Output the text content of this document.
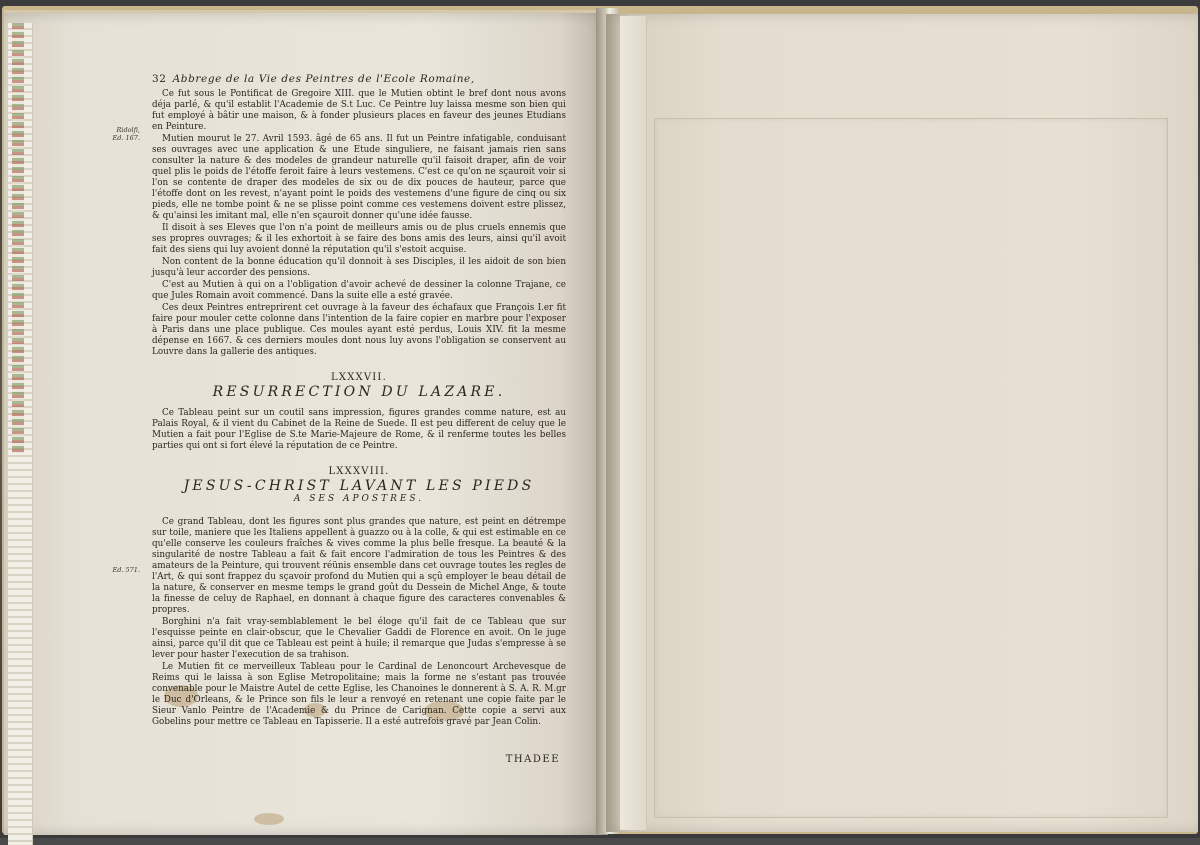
Ridolfi, Ed. 167.
Ed. 571.
32 Abbrege de la Vie des Peintres de l'Ecole Romaine,

Ce fut sous le Pontificat de Gregoire XIII. que le Mutien obtint le bref dont nous avons déja parlé, & qu'il establit l'Academie de S.t Luc. Ce Peintre luy laissa mesme son bien qui fut employé à bâtir une maison, & à fonder plusieurs places en faveur des jeunes Etudians en Peinture.

Mutien mourut le 27. Avril 1593. âgé de 65 ans. Il fut un Peintre infatigable, conduisant ses ouvrages avec une application & une Etude singuliere, ne faisant jamais rien sans consulter la nature & des modeles de grandeur naturelle qu'il faisoit draper, afin de voir quel plis le poids de l'étoffe feroit faire à leurs vestemens. C'est ce qu'on ne sçauroit voir si l'on se contente de draper des modeles de six ou de dix pouces de hauteur, parce que l'étoffe dont on les revest, n'ayant point le poids des vestemens d'une figure de cinq ou six pieds, elle ne tombe point & ne se plisse point comme ces vestemens doivent estre plissez, & qu'ainsi les imitant mal, elle n'en sçauroit donner qu'une idée fausse.

Il disoit à ses Eleves que l'on n'a point de meilleurs amis ou de plus cruels ennemis que ses propres ouvrages; & il les exhortoit à se faire des bons amis des leurs, ainsi qu'il avoit fait des siens qui luy avoient donné la réputation qu'il s'estoit acquise.

Non content de la bonne éducation qu'il donnoit à ses Disciples, il les aidoit de son bien jusqu'à leur accorder des pensions.

C'est au Mutien à qui on a l'obligation d'avoir achevé de dessiner la colonne Trajane, ce que Jules Romain avoit commencé. Dans la suite elle a esté gravée.

Ces deux Peintres entreprirent cet ouvrage à la faveur des échafaux que François I.er fit faire pour mouler cette colonne dans l'intention de la faire copier en marbre pour l'exposer à Paris dans une place publique. Ces moules ayant esté perdus, Louis XIV. fit la mesme dépense en 1667. & ces derniers moules dont nous luy avons l'obligation se conservent au Louvre dans la gallerie des antiques.

LXXXVII.
RESURRECTION DU LAZARE.

Ce Tableau peint sur un coutil sans impression, figures grandes comme nature, est au Palais Royal, & il vient du Cabinet de la Reine de Suede. Il est peu different de celuy que le Mutien a fait pour l'Eglise de S.te Marie-Majeure de Rome, & il renferme toutes les belles parties qui ont si fort élevé la réputation de ce Peintre.

LXXXVIII.
JESUS-CHRIST LAVANT LES PIEDS
A SES APOSTRES.

Ce grand Tableau, dont les figures sont plus grandes que nature, est peint en détrempe sur toile, maniere que les Italiens appellent à guazzo ou à la colle, & qui est estimable en ce qu'elle conserve les couleurs fraîches & vives comme la plus belle fresque. La beauté & la singularité de nostre Tableau a fait & fait encore l'admiration de tous les Peintres & des amateurs de la Peinture, qui trouvent réünis ensemble dans cet ouvrage toutes les regles de l'Art, & qui sont frappez du sçavoir profond du Mutien qui a sçû employer le beau détail de la nature, & conserver en mesme temps le grand goût du Dessein de Michel Ange, & toute la finesse de celuy de Raphael, en donnant à chaque figure des caracteres convenables & propres.

Borghini n'a fait vray-semblablement le bel éloge qu'il fait de ce Tableau que sur l'esquisse peinte en clair-obscur, que le Chevalier Gaddi de Florence en avoit. On le juge ainsi, parce qu'il dit que ce Tableau est peint à huile; il remarque que Judas s'empresse à se lever pour haster l'execution de sa trahison.

Le Mutien fit ce merveilleux Tableau pour le Cardinal de Lenoncourt Archevesque de Reims qui le laissa à son Eglise Metropolitaine; mais la forme ne s'estant pas trouvée convenable pour le Maistre Autel de cette Eglise, les Chanoines le donnerent à S. A. R. M.gr le Duc d'Orleans, & le Prince son fils le leur a renvoyé en retenant une copie faite par le Sieur Vanlo Peintre de l'Academie & du Prince de Carignan. Cette copie a servi aux Gobelins pour mettre ce Tableau en Tapisserie. Il a esté autrefois gravé par Jean Colin.

THADEE
